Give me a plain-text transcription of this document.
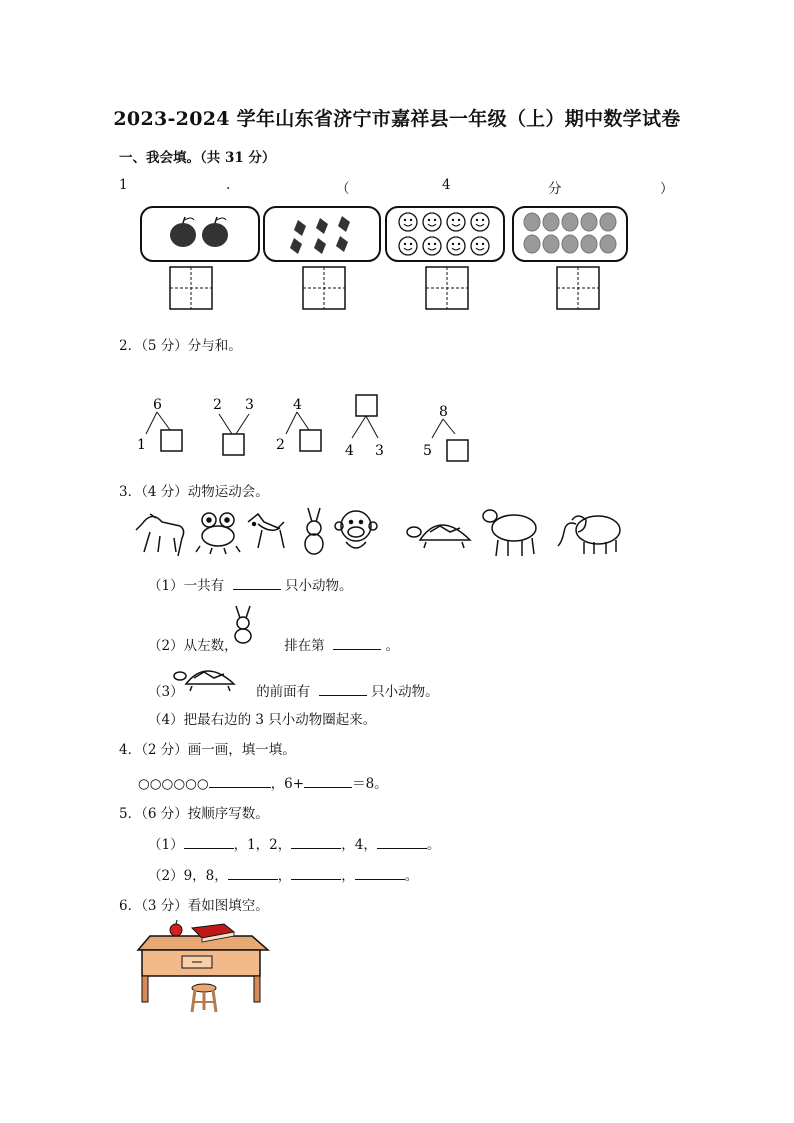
2023-2024 学年山东省济宁市嘉祥县一年级（上）期中数学试卷
一、我会填。（共 31 分）
1	.	（	4	分	）
2．（5 分）分与和。
6
1
2 3	4
2	4 3
8
5
3．（4 分）动物运动会。
（1）一共有	只小动物。
（2）从左数，	排在第	。
（3）	的前面有	只小动物。
（4）把最右边的 3 只小动物圈起来。
4．（2 分）画一画，填一填。
○○○○○○	，6+	＝8。
5．（6 分）按顺序写数。
（1）	，1，2，	，4，	。
（2）9，8，	，	，	。
6．（3 分）看如图填空。
